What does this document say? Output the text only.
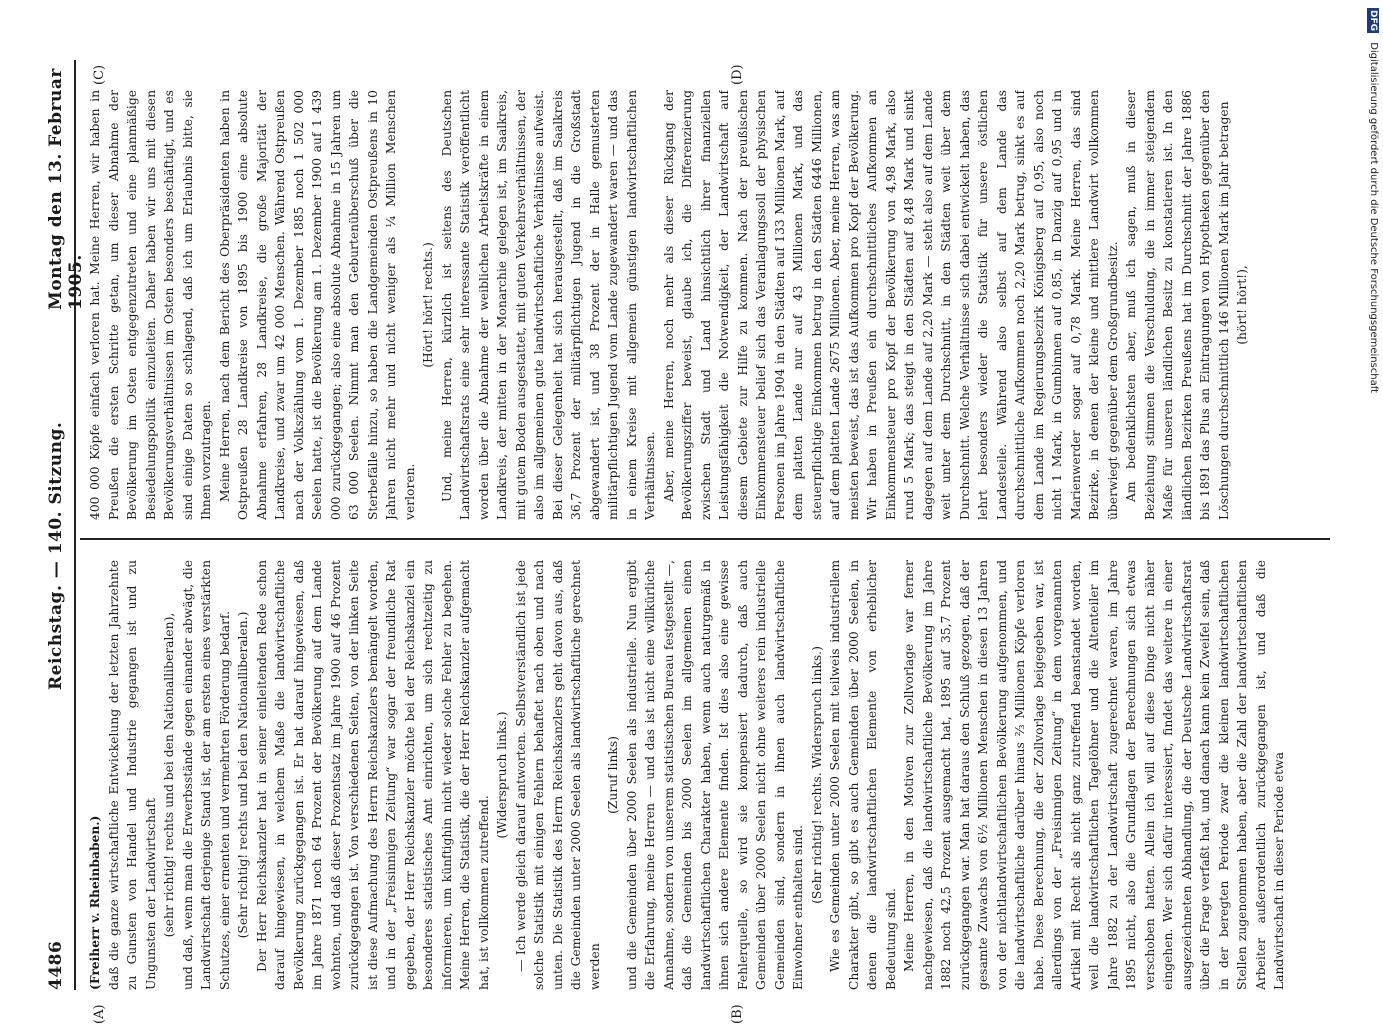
4486
Reichstag. — 140. Sitzung.
Montag den 13. Februar 1905.

(Freiherr v. Rheinbaben.) daß die ganze wirtschaftliche Entwickelung der letzten Jahrzehnte zu Gunsten von Handel und Industrie gegangen ist und zu Ungunsten der Landwirtschaft (sehr richtig! rechts und bei den Nationalliberalen), und daß, wenn man die Erwerbsstände gegen einander abwägt, die Landwirtschaft derjenige Stand ist, der am ersten eines verstärkten Schutzes, einer ernenten und vermehrten Förderung bedarf. (Sehr richtig! rechts und bei den Nationalliberalen.) Der Herr Reichskanzler hat in seiner einleitenden Rede schon darauf hingewiesen, in welchem Maße die landwirtschaftliche Bevölkerung zurückgegangen ist. Er hat darauf hingewiesen, daß im Jahre 1871 noch 64 Prozent der Bevölkerung auf dem Lande wohnten, und daß dieser Prozentsatz im Jahre 1900 auf 46 Prozent zurückgegangen ist. Von verschiedenen Seiten, von der linken Seite ist diese Aufmachung des Herrn Reichskanzlers bemängelt worden, und in der „Freisinnigen Zeitung“ war sogar der freundliche Rat gegeben, der Herr Reichskanzler möchte bei der Reichskanzlei ein besonderes statistisches Amt einrichten, um sich rechtzeitig zu informieren, um künftighin nicht wieder solche Fehler zu begehen. Meine Herren, die Statistik, die der Herr Reichskanzler aufgemacht hat, ist vollkommen zutreffend.

(Widerspruch links.) — Ich werde gleich darauf antworten. Selbstverständlich ist jede solche Statistik mit einigen Fehlern behaftet nach oben und nach unten. Die Statistik des Herrn Reichskanzlers geht davon aus, daß die Gemeinden unter 2000 Seelen als landwirtschaftliche gerechnet werden

(Zuruf links) und die Gemeinden über 2000 Seelen als industrielle. Nun ergibt die Erfahrung, meine Herren — und das ist nicht eine willkürliche Annahme, sondern von unserem statistischen Bureau festgestellt —, daß die Gemeinden bis 2000 Seelen im allgemeinen einen landwirtschaftlichen Charakter haben, wenn auch naturgemäß in ihnen sich andere Elemente finden. Ist dies also eine gewisse Fehlerquelle, so wird sie kompensiert dadurch, daß auch Gemeinden über 2000 Seelen nicht ohne weiteres rein industrielle Gemeinden sind, sondern in ihnen auch landwirtschaftliche Einwohner enthalten sind.

(Sehr richtig! rechts. Widerspruch links.) Wie es Gemeinden unter 2000 Seelen mit teilweis industriellem Charakter gibt, so gibt es auch Gemeinden über 2000 Seelen, in denen die landwirtschaftlichen Elemente von erheblicher Bedeutung sind. Meine Herren, in den Motiven zur Zollvorlage war ferner nachgewiesen, daß die landwirtschaftliche Bevölkerung im Jahre 1882 noch 42,5 Prozent ausgemacht hat, 1895 auf 35,7 Prozent zurückgegangen war. Man hat daraus den Schluß gezogen, daß der gesamte Zuwachs von 6½ Millionen Menschen in diesen 13 Jahren von der nichtlandwirtschaftlichen Bevölkerung aufgenommen, und die landwirtschaftliche darüber hinaus ⅔ Millionen Köpfe verloren habe. Diese Berechnung, die der Zollvorlage beigegeben war, ist allerdings von der „Freisinnigen Zeitung“ in dem vorgenannten Artikel mit Recht als nicht ganz zutreffend beanstandet worden, weil die landwirtschaftlichen Tagelöhner und die Altenteiler im Jahre 1882 zu der Landwirtschaft zugerechnet waren, im Jahre 1895 nicht, also die Grundlagen der Berechnungen sich etwas verschoben hatten. Allein ich will auf diese Dinge nicht näher eingehen. Wer sich dafür interessiert, findet das weitere in einer ausgezeichneten Abhandlung, die der Deutsche Landwirtschaftsrat über die Frage verfaßt hat, und danach kann kein Zweifel sein, daß in der beregten Periode zwar die kleinen landwirtschaftlichen Stellen zugenommen haben, aber die Zahl der landwirtschaftlichen Arbeiter außerordentlich zurückgegangen ist, und daß die Landwirtschaft in dieser Periode etwa

400 000 Köpfe einfach verloren hat. Meine Herren, wir haben in Preußen die ersten Schritte getan, um dieser Abnahme der Bevölkerung im Osten entgegenzutreten und eine planmäßige Besiedelungspolitik einzuleiten. Daher haben wir uns mit diesen Bevölkerungsverhältnissen im Osten besonders beschäftigt, und es sind einige Daten so schlagend, daß ich um Erlaubnis bitte, sie Ihnen vorzutragen. Meine Herren, nach dem Bericht des Oberpräsidenten haben in Ostpreußen 28 Landkreise von 1895 bis 1900 eine absolute Abnahme erfahren, 28 Landkreise, die große Majorität der Landkreise, und zwar um 42 000 Menschen. Während Ostpreußen nach der Volkszählung vom 1. Dezember 1885 noch 1 502 000 Seelen hatte, ist die Bevölkerung am 1. Dezember 1900 auf 1 439 000 zurückgegangen; also eine absolute Abnahme in 15 Jahren um 63 000 Seelen. Nimmt man den Geburtenüberschuß über die Sterbefälle hinzu, so haben die Landgemeinden Ostpreußens in 10 Jahren nicht mehr und nicht weniger als ¼ Million Menschen verloren.

(Hört! hört! rechts.) Und, meine Herren, kürzlich ist seitens des Deutschen Landwirtschaftsrats eine sehr interessante Statistik veröffentlicht worden über die Abnahme der weiblichen Arbeitskräfte in einem Landkreis, der mitten in der Monarchie gelegen ist, im Saalkreis, mit gutem Boden ausgestattet, mit guten Verkehrsverhältnissen, der also im allgemeinen gute landwirtschaftliche Verhältnisse aufweist. Bei dieser Gelegenheit hat sich herausgestellt, daß im Saalkreis 36,7 Prozent der militärpflichtigen Jugend in die Großstadt abgewandert ist, und 38 Prozent der in Halle gemusterten militärpflichtigen Jugend vom Lande zugewandert waren — und das in einem Kreise mit allgemein günstigen landwirtschaftlichen Verhältnissen. Aber, meine Herren, noch mehr als dieser Rückgang der Bevölkerungsziffer beweist, glaube ich, die Differenzierung zwischen Stadt und Land hinsichtlich ihrer finanziellen Leistungsfähigkeit die Notwendigkeit, der Landwirtschaft auf diesem Gebiete zur Hilfe zu kommen. Nach der preußischen Einkommensteuer belief sich das Veranlagungssoll der physischen Personen im Jahre 1904 in den Städten auf 133 Millionen Mark, auf dem platten Lande nur auf 43 Millionen Mark, und das steuerpflichtige Einkommen betrug in den Städten 6446 Millionen, auf dem platten Lande 2675 Millionen. Aber, meine Herren, was am meisten beweist, das ist das Aufkommen pro Kopf der Bevölkerung. Wir haben in Preußen ein durchschnittliches Aufkommen an Einkommensteuer pro Kopf der Bevölkerung von 4,98 Mark, also rund 5 Mark; das steigt in den Städten auf 8,48 Mark und sinkt dagegen auf dem Lande auf 2,20 Mark — steht also auf dem Lande weit unter dem Durchschnitt, in den Städten weit über dem Durchschnitt. Welche Verhältnisse sich dabei entwickelt haben, das lehrt besonders wieder die Statistik für unsere östlichen Landesteile. Während also selbst auf dem Lande das durchschnittliche Aufkommen noch 2,20 Mark betrug, sinkt es auf dem Lande im Regierungsbezirk Königsberg auf 0,95, also noch nicht 1 Mark, in Gumbinnen auf 0,85, in Danzig auf 0,95 und in Marienwerder sogar auf 0,78 Mark. Meine Herren, das sind Bezirke, in denen der kleine und mittlere Landwirt vollkommen überwiegt gegenüber dem Großgrundbesitz. Am bedenklichsten aber, muß ich sagen, muß in dieser Beziehung stimmen die Verschuldung, die in immer steigendem Maße für unseren ländlichen Besitz zu konstatieren ist. In den ländlichen Bezirken Preußens hat im Durchschnitt der Jahre 1886 bis 1891 das Plus an Eintragungen von Hypotheken gegenüber den Löschungen durchschnittlich 146 Millionen Mark im Jahr betragen (hört! hört!),

(A)	(B)
(C)	(D)
DFG Digitalisierung gefördert durch die Deutsche Forschungsgemeinschaft
